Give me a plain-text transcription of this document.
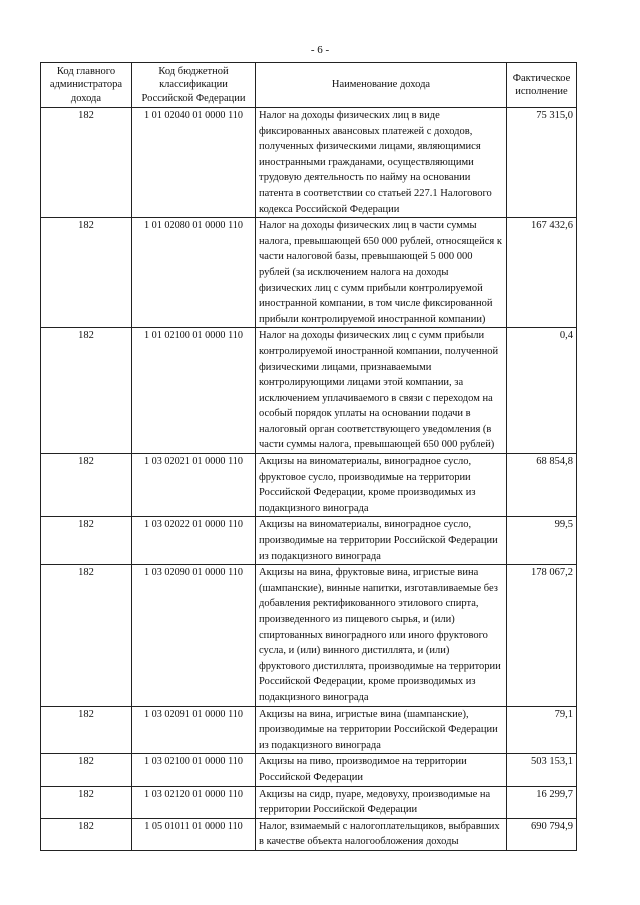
- 6 -
Код главного администратора дохода	Код бюджетной классификации Российской Федерации	Наименование дохода	Фактическое исполнение
182	1 01 02040 01 0000 110	Налог на доходы физических лиц в виде фиксированных авансовых платежей с доходов, полученных физическими лицами, являющимися иностранными гражданами, осуществляющими трудовую деятельность по найму на основании патента в соответствии со статьей 227.1 Налогового кодекса Российской Федерации	75 315,0
182	1 01 02080 01 0000 110	Налог на доходы физических лиц в части суммы налога, превышающей 650 000 рублей, относящейся к части налоговой базы, превышающей 5 000 000 рублей (за исключением налога на доходы физических лиц с сумм прибыли контролируемой иностранной компании, в том числе фиксированной прибыли контролируемой иностранной компании)	167 432,6
182	1 01 02100 01 0000 110	Налог на доходы физических лиц с сумм прибыли контролируемой иностранной компании, полученной физическими лицами, признаваемыми контролирующими лицами этой компании, за исключением уплачиваемого в связи с переходом на особый порядок уплаты на основании подачи в налоговый орган соответствующего уведомления (в части суммы налога, превышающей 650 000 рублей)	0,4
182	1 03 02021 01 0000 110	Акцизы на виноматериалы, виноградное сусло, фруктовое сусло, производимые на территории Российской Федерации, кроме производимых из подакцизного винограда	68 854,8
182	1 03 02022 01 0000 110	Акцизы на виноматериалы, виноградное сусло, производимые на территории Российской Федерации из подакцизного винограда	99,5
182	1 03 02090 01 0000 110	Акцизы на вина, фруктовые вина, игристые вина (шампанские), винные напитки, изготавливаемые без добавления ректификованного этилового спирта, произведенного из пищевого сырья, и (или) спиртованных виноградного или иного фруктового сусла, и (или) винного дистиллята, и (или) фруктового дистиллята, производимые на территории Российской Федерации, кроме производимых из подакцизного винограда	178 067,2
182	1 03 02091 01 0000 110	Акцизы на вина, игристые вина (шампанские), производимые на территории Российской Федерации из подакцизного винограда	79,1
182	1 03 02100 01 0000 110	Акцизы на пиво, производимое на территории Российской Федерации	503 153,1
182	1 03 02120 01 0000 110	Акцизы на сидр, пуаре, медовуху, производимые на территории Российской Федерации	16 299,7
182	1 05 01011 01 0000 110	Налог, взимаемый с налогоплательщиков, выбравших в качестве объекта налогообложения доходы	690 794,9
